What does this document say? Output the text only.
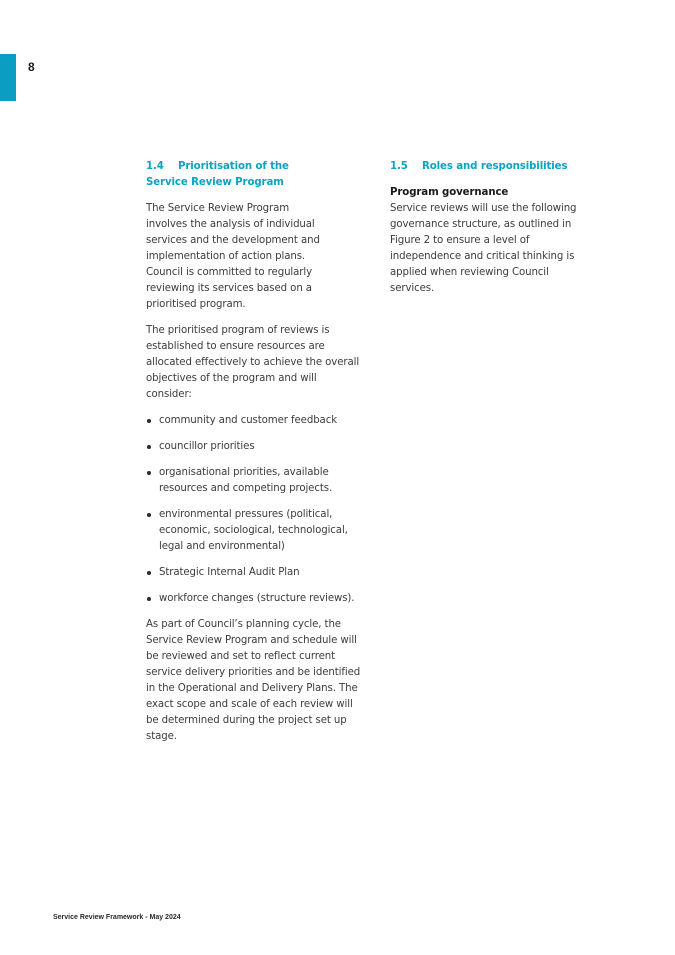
8
1.4 Prioritisation of the
Service Review Program

The Service Review Program involves the analysis of individual services and the development and implementation of action plans. Council is committed to regularly reviewing its services based on a prioritised program.

The prioritised program of reviews is established to ensure resources are allocated effectively to achieve the overall objectives of the program and will consider:

community and customer feedback
councillor priorities
organisational priorities, available resources and competing projects.
environmental pressures (political, economic, sociological, technological, legal and environmental)
Strategic Internal Audit Plan
workforce changes (structure reviews).

As part of Council’s planning cycle, the Service Review Program and schedule will be reviewed and set to reflect current service delivery priorities and be identified in the Operational and Delivery Plans. The exact scope and scale of each review will be determined during the project set up stage.

1.5 Roles and responsibilities
Program governance

Service reviews will use the following governance structure, as outlined in Figure 2 to ensure a level of independence and critical thinking is applied when reviewing Council services.

Service Review Framework - May 2024
